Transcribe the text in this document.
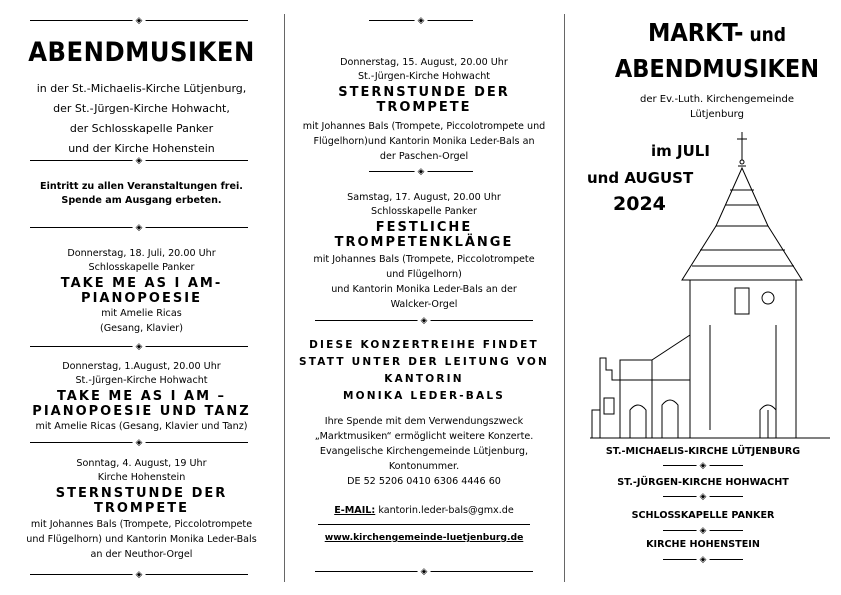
◈
ABENDMUSIKEN
in der St.-Michaelis-Kirche Lütjenburg,
der St.-Jürgen-Kirche Hohwacht,
der Schlosskapelle Panker
und der Kirche Hohenstein
◈
Eintritt zu allen Veranstaltungen frei.
Spende am Ausgang erbeten.
◈
Donnerstag, 18. Juli, 20.00 Uhr
Schlosskapelle Panker
TAKE ME AS I AM-
PIANOPOESIE
mit Amelie Ricas
(Gesang, Klavier)
◈
Donnerstag, 1.August, 20.00 Uhr
St.-Jürgen-Kirche Hohwacht
TAKE ME AS I AM –
PIANOPOESIE UND TANZ
mit Amelie Ricas (Gesang, Klavier und Tanz)
◈
Sonntag, 4. August, 19 Uhr
Kirche Hohenstein
STERNSTUNDE DER
TROMPETE
mit Johannes Bals (Trompete, Piccolotrompete
und Flügelhorn) und Kantorin Monika Leder-Bals
an der Neuthor-Orgel
◈
◈
Donnerstag, 15. August, 20.00 Uhr
St.-Jürgen-Kirche Hohwacht
STERNSTUNDE DER
TROMPETE
mit Johannes Bals (Trompete, Piccolotrompete und
Flügelhorn)und Kantorin Monika Leder-Bals an
der Paschen-Orgel
◈
Samstag, 17. August, 20.00 Uhr
Schlosskapelle Panker
FESTLICHE
TROMPETENKLÄNGE
mit Johannes Bals (Trompete, Piccolotrompete
und Flügelhorn)
und Kantorin Monika Leder-Bals an der
Walcker-Orgel
◈
DIESE KONZERTREIHE FINDET
STATT UNTER DER LEITUNG VON
KANTORIN
MONIKA LEDER-BALS
Ihre Spende mit dem Verwendungszweck
„Marktmusiken“ ermöglicht weitere Konzerte.
Evangelische Kirchengemeinde Lütjenburg,
Kontonummer.
DE 52 5206 0410 6306 4446 60
E-MAIL: kantorin.leder-bals@gmx.de
www.kirchengemeinde-luetjenburg.de
◈
MARKT- und
ABENDMUSIKEN
der Ev.-Luth. Kirchengemeinde
Lütjenburg
im JULI
und AUGUST
2024
ST.-MICHAELIS-KIRCHE LÜTJENBURG
◈
ST.-JÜRGEN-KIRCHE HOHWACHT
◈
SCHLOSSKAPELLE PANKER
◈
KIRCHE HOHENSTEIN
◈
